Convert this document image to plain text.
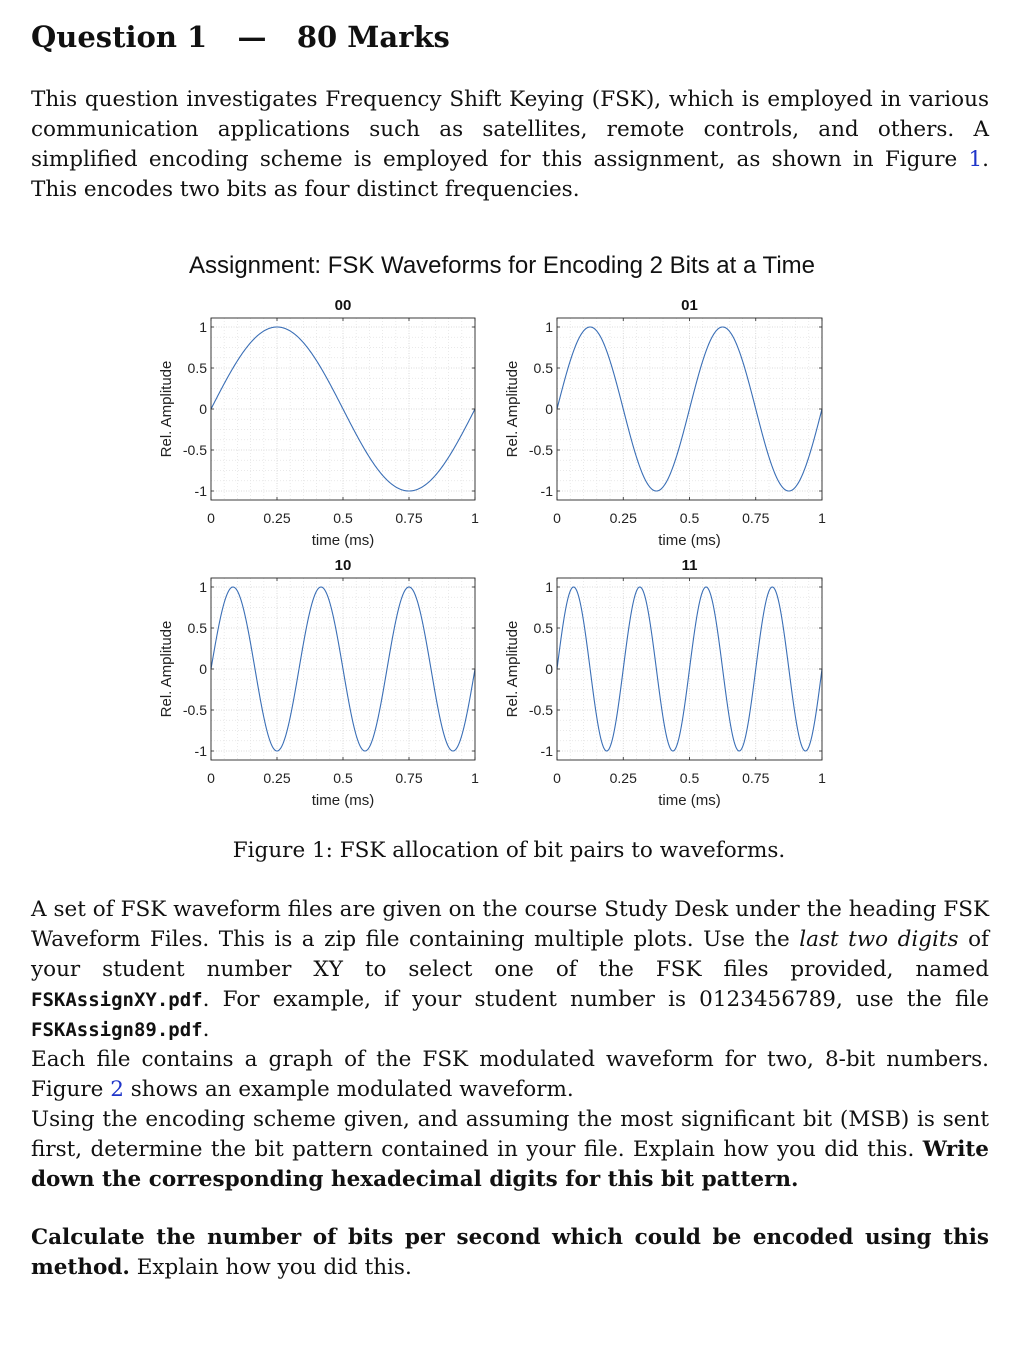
Question 1 — 80 Marks
This question investigates Frequency Shift Keying (FSK), which is employed in various communication applications such as satellites, remote controls, and others. A simplified encoding scheme is employed for this assignment, as shown in Figure 1. This encodes two bits as four distinct frequencies.
Assignment: FSK Waveforms for Encoding 2 Bits at a Time
0	0.25	0.5	0.75	1
-1
-0.5
0
0.5
1
00
time (ms)
Rel. Amplitude
0	0.25	0.5	0.75	1
-1
-0.5
0
0.5
1
01
time (ms)
Rel. Amplitude
0	0.25	0.5	0.75	1
-1
-0.5
0
0.5
1
10
time (ms)
Rel. Amplitude
0	0.25	0.5	0.75	1
-1
-0.5
0
0.5
1
11
time (ms)
Rel. Amplitude
Figure 1: FSK allocation of bit pairs to waveforms.
A set of FSK waveform files are given on the course Study Desk under the heading FSK Waveform Files. This is a zip file containing multiple plots. Use the last two digits of your student number XY to select one of the FSK files provided, named FSKAssignXY.pdf. For example, if your student number is 0123456789, use the file FSKAssign89.pdf.
Each file contains a graph of the FSK modulated waveform for two, 8-bit numbers. Figure 2 shows an example modulated waveform.
Using the encoding scheme given, and assuming the most significant bit (MSB) is sent first, determine the bit pattern contained in your file. Explain how you did this. Write down the corresponding hexadecimal digits for this bit pattern.
Calculate the number of bits per second which could be encoded using this method. Explain how you did this.
